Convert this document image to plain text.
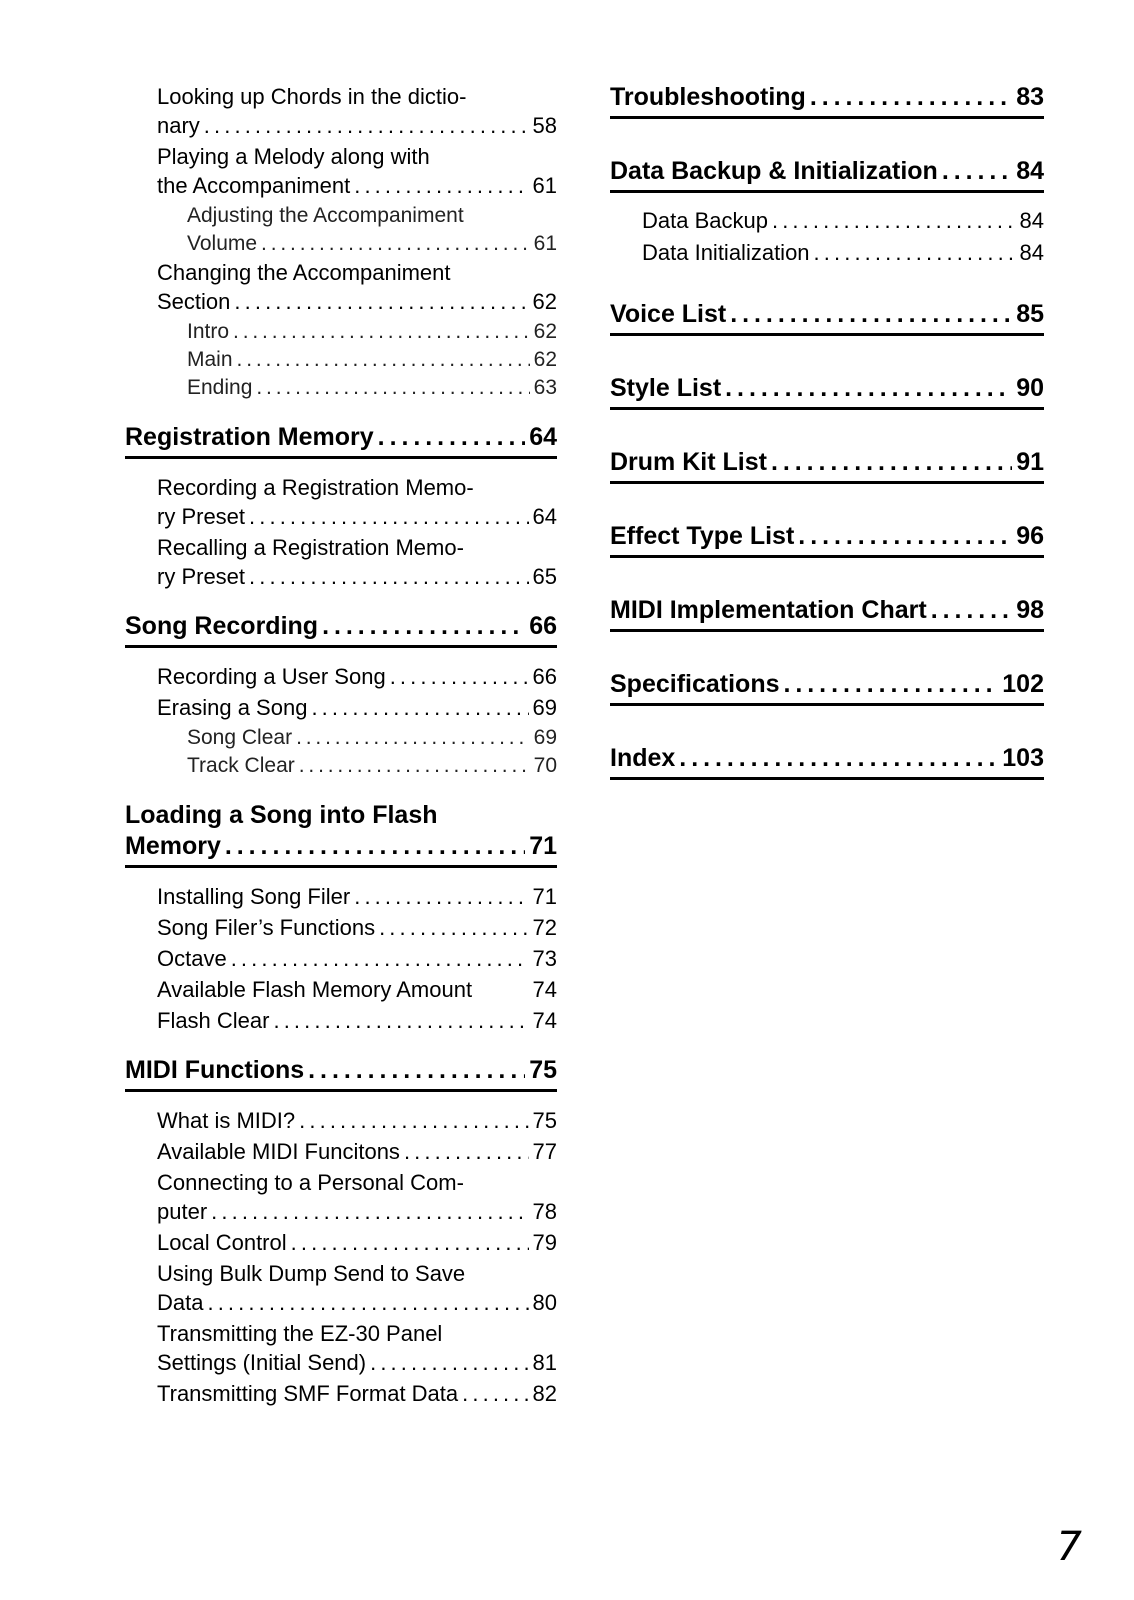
Looking up Chords in the dictio-
nary . . .	58
Playing a Melody along with
the Accompaniment . . .	61
Adjusting the Accompaniment
Volume . . .	61
Changing the Accompaniment
Section . . .	62
Intro . . .	62
Main . . .	62
Ending . . .	63
Registration Memory . . .	64
Recording a Registration Memo-
ry Preset . . .	64
Recalling a Registration Memo-
ry Preset . . .	65
Song Recording . . .	66
Recording a User Song . . .	66
Erasing a Song . . .	69
Song Clear . . .	69
Track Clear . . .	70
Loading a Song into Flash
Memory . . .	71
Installing Song Filer . . .	71
Song Filer’s Functions . . .	72
Octave . . .	73
Available Flash Memory Amount	74
Flash Clear . . .	74
MIDI Functions . . .	75
What is MIDI? . . .	75
Available MIDI Funcitons . . .	77
Connecting to a Personal Com-
puter . . .	78
Local Control . . .	79
Using Bulk Dump Send to Save
Data . . .	80
Transmitting the EZ-30 Panel
Settings (Initial Send) . . .	81
Transmitting SMF Format Data . . .	82
Troubleshooting . . .	83
Data Backup & Initialization . . .	84
Data Backup . . .	84
Data Initialization . . .	84
Voice List . . .	85
Style List . . .	90
Drum Kit List . . .	91
Effect Type List . . .	96
MIDI Implementation Chart . . .	98
Specifications . . .	102
Index . . .	103
7
